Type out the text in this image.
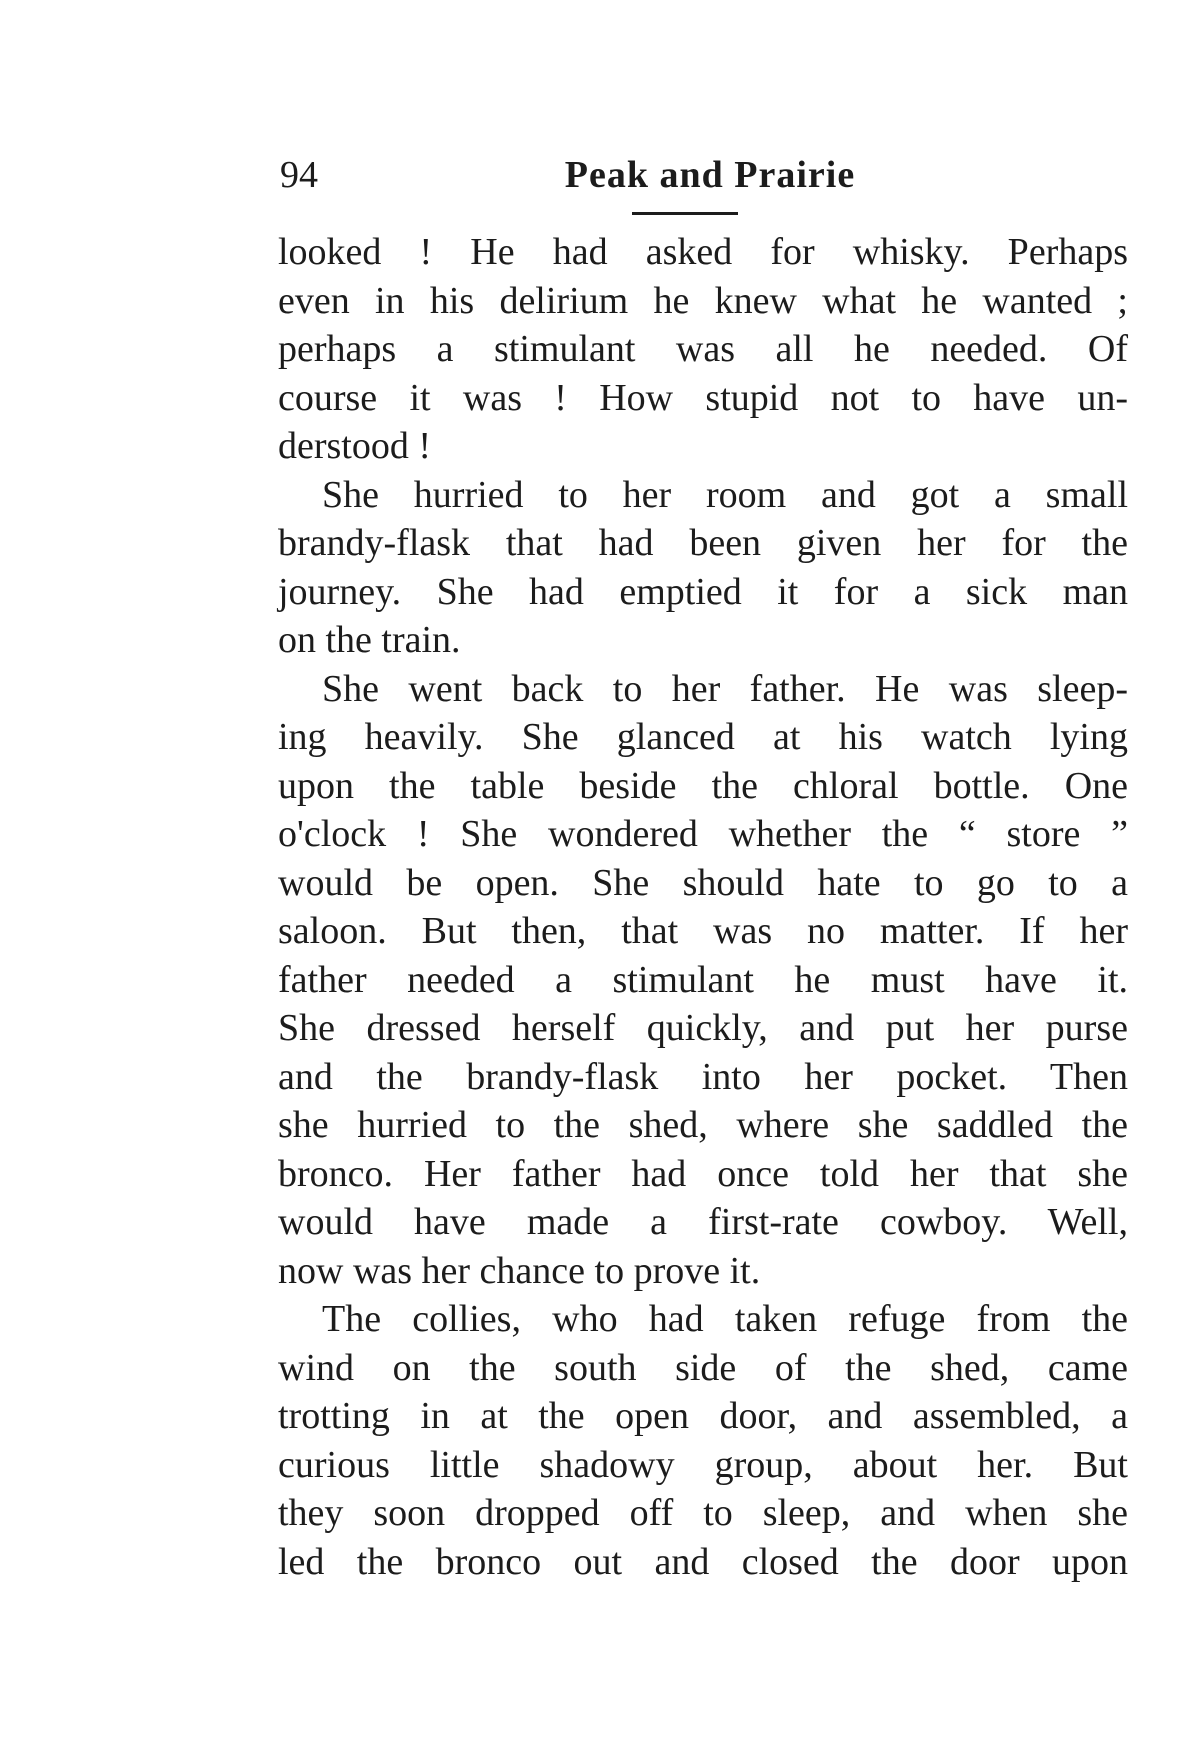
94	Peak and Prairie
looked ! He had asked for whisky. Perhaps
even in his delirium he knew what he wanted ;
perhaps a stimulant was all he needed. Of
course it was ! How stupid not to have un-
derstood !
She hurried to her room and got a small
brandy-flask that had been given her for the
journey. She had emptied it for a sick man
on the train.
She went back to her father. He was sleep-
ing heavily. She glanced at his watch lying
upon the table beside the chloral bottle. One
o'clock ! She wondered whether the “ store ”
would be open. She should hate to go to a
saloon. But then, that was no matter. If her
father needed a stimulant he must have it.
She dressed herself quickly, and put her purse
and the brandy-flask into her pocket. Then
she hurried to the shed, where she saddled the
bronco. Her father had once told her that she
would have made a first-rate cowboy. Well,
now was her chance to prove it.
The collies, who had taken refuge from the
wind on the south side of the shed, came
trotting in at the open door, and assembled, a
curious little shadowy group, about her. But
they soon dropped off to sleep, and when she
led the bronco out and closed the door upon
